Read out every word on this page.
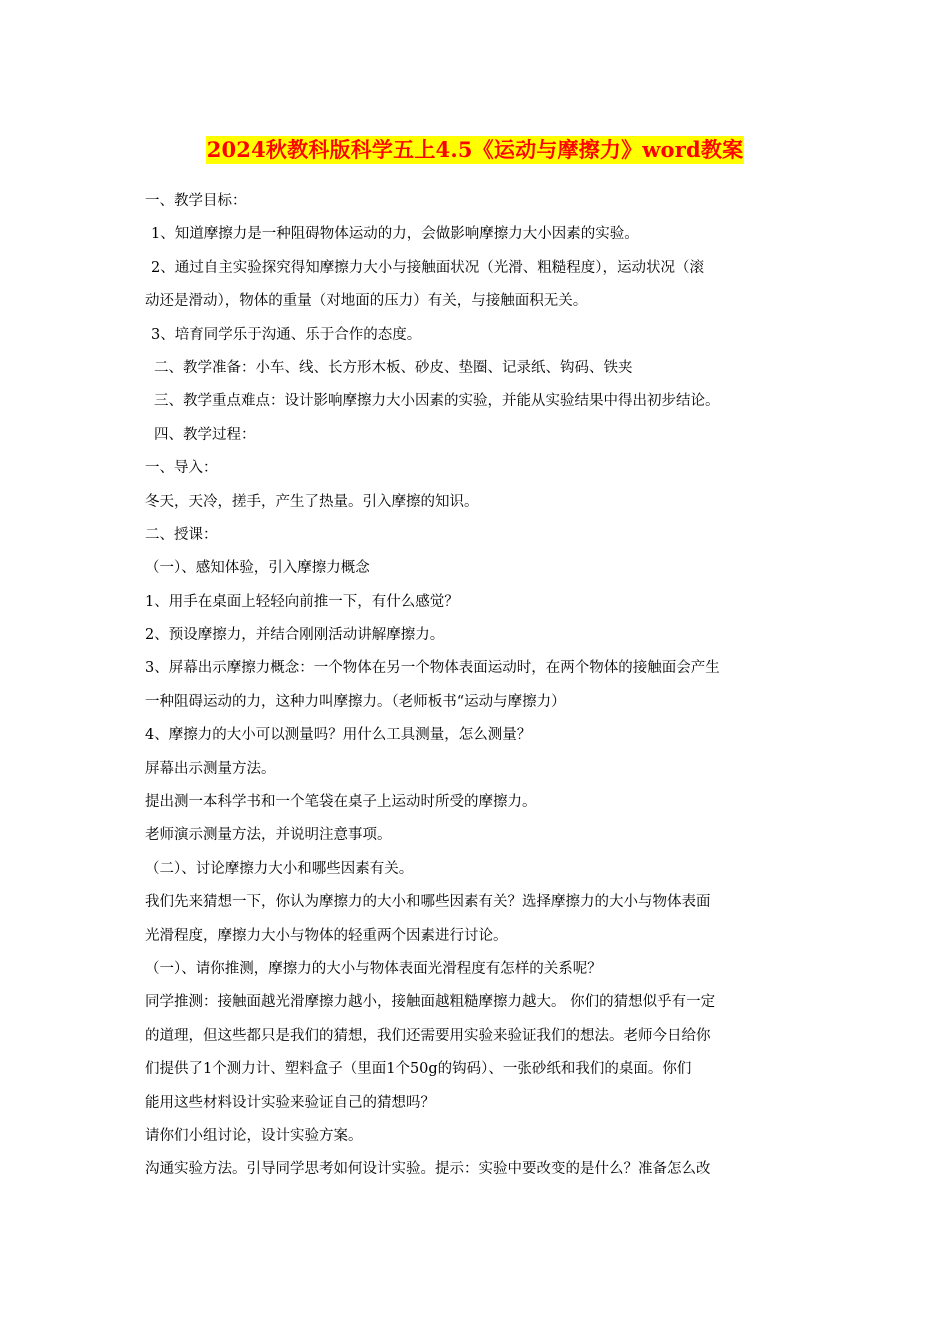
2024秋教科版科学五上4.5《运动与摩擦力》word教案
一、教学目标：
1、知道摩擦力是一种阻碍物体运动的力，会做影响摩擦力大小因素的实验。
2、通过自主实验探究得知摩擦力大小与接触面状况（光滑、粗糙程度），运动状况（滚
动还是滑动），物体的重量（对地面的压力）有关，与接触面积无关。
3、培育同学乐于沟通、乐于合作的态度。
二、教学准备：小车、线、长方形木板、砂皮、垫圈、记录纸、钩码、铁夹
三、教学重点难点：设计影响摩擦力大小因素的实验，并能从实验结果中得出初步结论。
四、教学过程：
一、导入：
冬天，天冷，搓手，产生了热量。引入摩擦的知识。
二、授课：
（一）、感知体验，引入摩擦力概念
1、用手在桌面上轻轻向前推一下，有什么感觉？
2、预设摩擦力，并结合刚刚活动讲解摩擦力。
3、屏幕出示摩擦力概念：一个物体在另一个物体表面运动时，在两个物体的接触面会产生
一种阻碍运动的力，这种力叫摩擦力。（老师板书“运动与摩擦力）
4、摩擦力的大小可以测量吗？用什么工具测量，怎么测量？
屏幕出示测量方法。
提出测一本科学书和一个笔袋在桌子上运动时所受的摩擦力。
老师演示测量方法，并说明注意事项。
（二）、讨论摩擦力大小和哪些因素有关。
我们先来猜想一下，你认为摩擦力的大小和哪些因素有关？选择摩擦力的大小与物体表面
光滑程度，摩擦力大小与物体的轻重两个因素进行讨论。
（一）、请你推测，摩擦力的大小与物体表面光滑程度有怎样的关系呢？
同学推测：接触面越光滑摩擦力越小，接触面越粗糙摩擦力越大。 你们的猜想似乎有一定
的道理，但这些都只是我们的猜想，我们还需要用实验来验证我们的想法。老师今日给你
们提供了1个测力计、塑料盒子（里面1个50g的钩码）、一张砂纸和我们的桌面。你们
能用这些材料设计实验来验证自己的猜想吗？
请你们小组讨论，设计实验方案。
沟通实验方法。引导同学思考如何设计实验。提示：实验中要改变的是什么？准备怎么改
